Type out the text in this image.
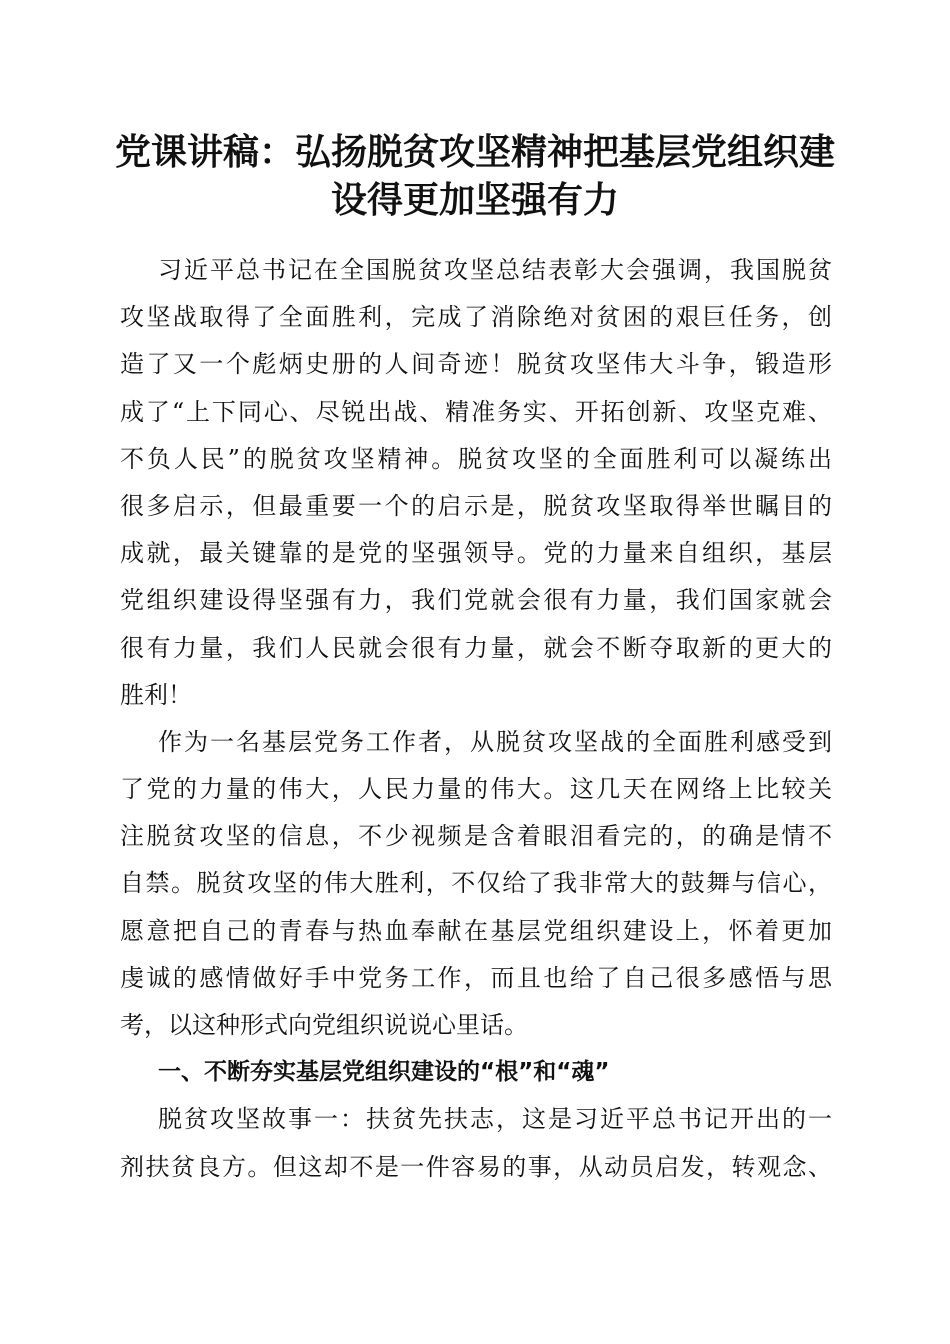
党课讲稿：弘扬脱贫攻坚精神把基层党组织建
设得更加坚强有力
习近平总书记在全国脱贫攻坚总结表彰大会强调，我国脱贫
攻坚战取得了全面胜利，完成了消除绝对贫困的艰巨任务，创
造了又一个彪炳史册的人间奇迹！脱贫攻坚伟大斗争，锻造形
成了“上下同心、尽锐出战、精准务实、开拓创新、攻坚克难、
不负人民”的脱贫攻坚精神。脱贫攻坚的全面胜利可以凝练出
很多启示，但最重要一个的启示是，脱贫攻坚取得举世瞩目的
成就，最关键靠的是党的坚强领导。党的力量来自组织，基层
党组织建设得坚强有力，我们党就会很有力量，我们国家就会
很有力量，我们人民就会很有力量，就会不断夺取新的更大的
胜利！
作为一名基层党务工作者，从脱贫攻坚战的全面胜利感受到
了党的力量的伟大，人民力量的伟大。这几天在网络上比较关
注脱贫攻坚的信息，不少视频是含着眼泪看完的，的确是情不
自禁。脱贫攻坚的伟大胜利，不仅给了我非常大的鼓舞与信心，
愿意把自己的青春与热血奉献在基层党组织建设上，怀着更加
虔诚的感情做好手中党务工作，而且也给了自己很多感悟与思
考，以这种形式向党组织说说心里话。
一、不断夯实基层党组织建设的“根”和“魂”
脱贫攻坚故事一：扶贫先扶志，这是习近平总书记开出的一
剂扶贫良方。但这却不是一件容易的事，从动员启发，转观念、
